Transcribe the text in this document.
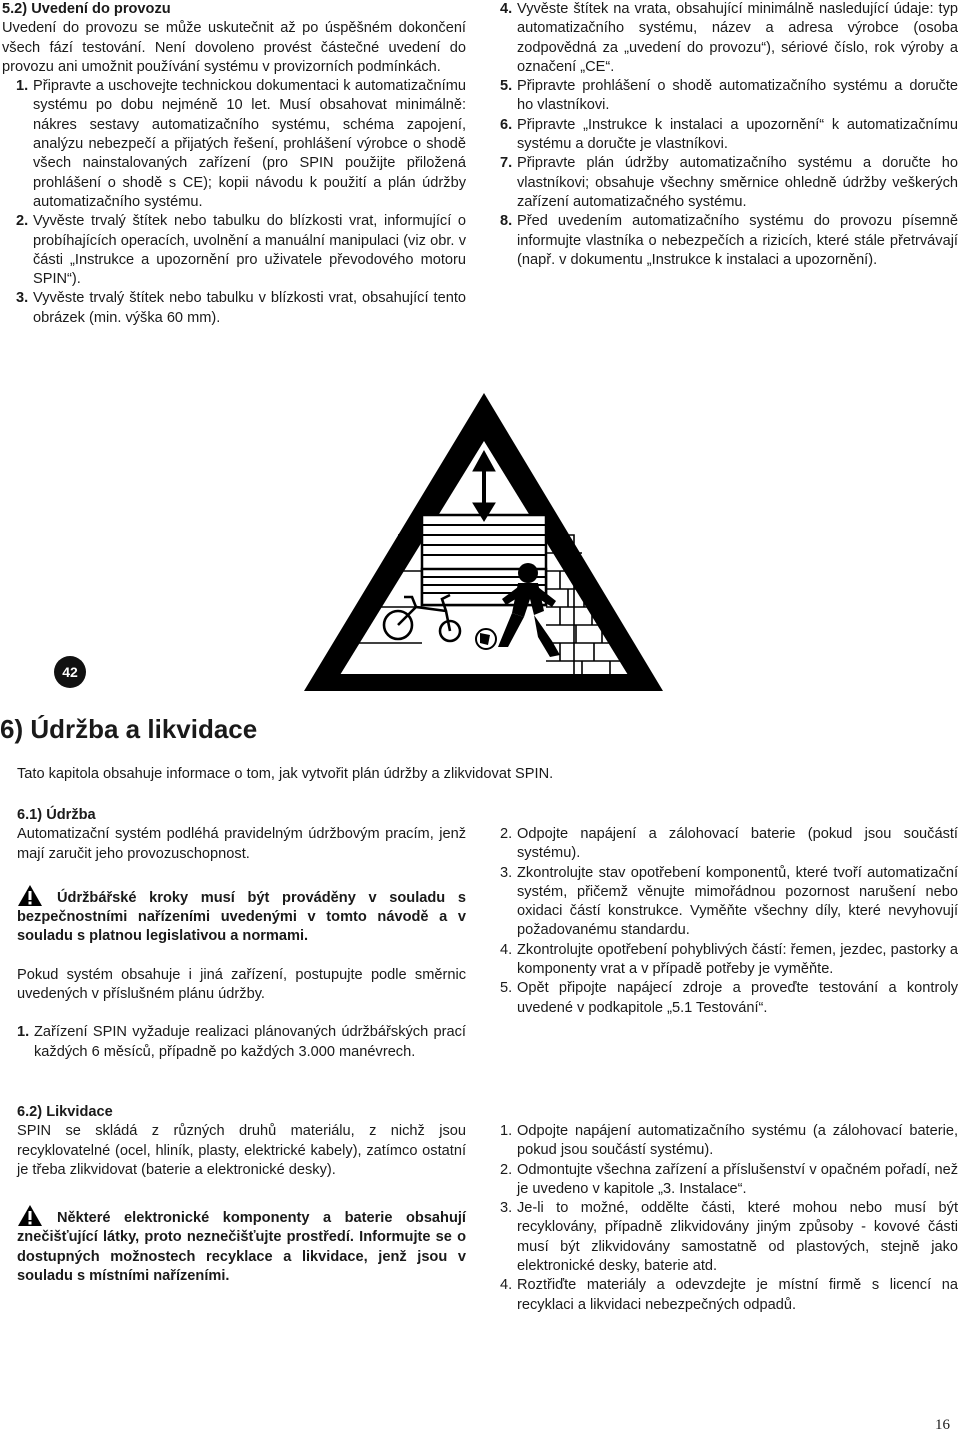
5.2) Uvedení do provozu

Uvedení do provozu se může uskutečnit až po úspěšném dokončení všech fází testování. Není dovoleno provést částečné uvedení do provozu ani umožnit používání systému v provizorních podmínkách.

1. Připravte a uschovejte technickou dokumentaci k automatizačnímu systému po dobu nejméně 10 let. Musí obsahovat minimálně: nákres sestavy automatizačního systému, schéma zapojení, analýzu nebezpečí a přijatých řešení, prohlášení výrobce o shodě všech nainstalovaných zařízení (pro SPIN použijte přiložená prohlášení o shodě s CE); kopii návodu k použití a plán údržby automatizačního systému.
2. Vyvěste trvalý štítek nebo tabulku do blízkosti vrat, informující o probíhajících operacích, uvolnění a manuální manipulaci (viz obr. v části „Instrukce a upozornění pro uživatele převodového motoru SPIN“).
3. Vyvěste trvalý štítek nebo tabulku v blízkosti vrat, obsahující tento obrázek (min. výška 60 mm).
4. Vyvěste štítek na vrata, obsahující minimálně nasledující údaje: typ automatizačního systému, název a adresa výrobce (osoba zodpovědná za „uvedení do provozu“), sériové číslo, rok výroby a označení „CE“.
5. Připravte prohlášení o shodě automatizačního systému a doručte ho vlastníkovi.
6. Připravte „Instrukce k instalaci a upozornění“ k automatizačnímu systému a doručte je vlastníkovi.
7. Připravte plán údržby automatizačního systému a doručte ho vlastníkovi; obsahuje všechny směrnice ohledně údržby veškerých zařízení automatizačného systému.
8. Před uvedením automatizačního systému do provozu písemně informujte vlastníka o nebezpečích a rizicích, které stále přetrvávají (např. v dokumentu „Instrukce k instalaci a upozornění).
42
6) Údržba a likvidace

Tato kapitola obsahuje informace o tom, jak vytvořit plán údržby a zlikvidovat SPIN.

6.1) Údržba

Automatizační systém podléhá pravidelným údržbovým pracím, jenž mají zaručit jeho provozuschopnost.

Údržbářské kroky musí být prováděny v souladu s bezpečnostními nařízeními uvedenými v tomto návodě a v souladu s platnou legislativou a normami.

Pokud systém obsahuje i jiná zařízení, postupujte podle směrnic uvedených v příslušném plánu údržby.

1. Zařízení SPIN vyžaduje realizaci plánovaných údržbářských prací každých 6 měsíců, případně po každých 3.000 manévrech.
2. Odpojte napájení a zálohovací baterie (pokud jsou součástí systému).
3. Zkontrolujte stav opotřebení komponentů, které tvoří automatizační systém, přičemž věnujte mimořádnou pozornost narušení nebo oxidaci částí konstrukce. Vyměňte všechny díly, které nevyhovují požadovanému standardu.
4. Zkontrolujte opotřebení pohyblivých částí: řemen, jezdec, pastorky a komponenty vrat a v případě potřeby je vyměňte.
5. Opět připojte napájecí zdroje a proveďte testování a kontroly uvedené v podkapitole „5.1 Testování“.
6.2) Likvidace

SPIN se skládá z různých druhů materiálu, z nichž jsou recyklovatelné (ocel, hliník, plasty, elektrické kabely), zatímco ostatní je třeba zlikvidovat (baterie a elektronické desky).

Některé elektronické komponenty a baterie obsahují znečišťující látky, proto neznečišťujte prostředí. Informujte se o dostupných možnostech recyklace a likvidace, jenž jsou v souladu s místními nařízeními.
1. Odpojte napájení automatizačního systému (a zálohovací baterie, pokud jsou součástí systému).
2. Odmontujte všechna zařízení a příslušenství v opačném pořadí, než je uvedeno v kapitole „3. Instalace“.
3. Je-li to možné, oddělte části, které mohou nebo musí být recyklovány, případně zlikvidovány jiným způsoby - kovové části musí být zlikvidovány samostatně od plastových, stejně jako elektronické desky, baterie atd.
4. Roztřiďte materiály a odevzdejte je místní firmě s licencí na recyklaci a likvidaci nebezpečných odpadů.
16
